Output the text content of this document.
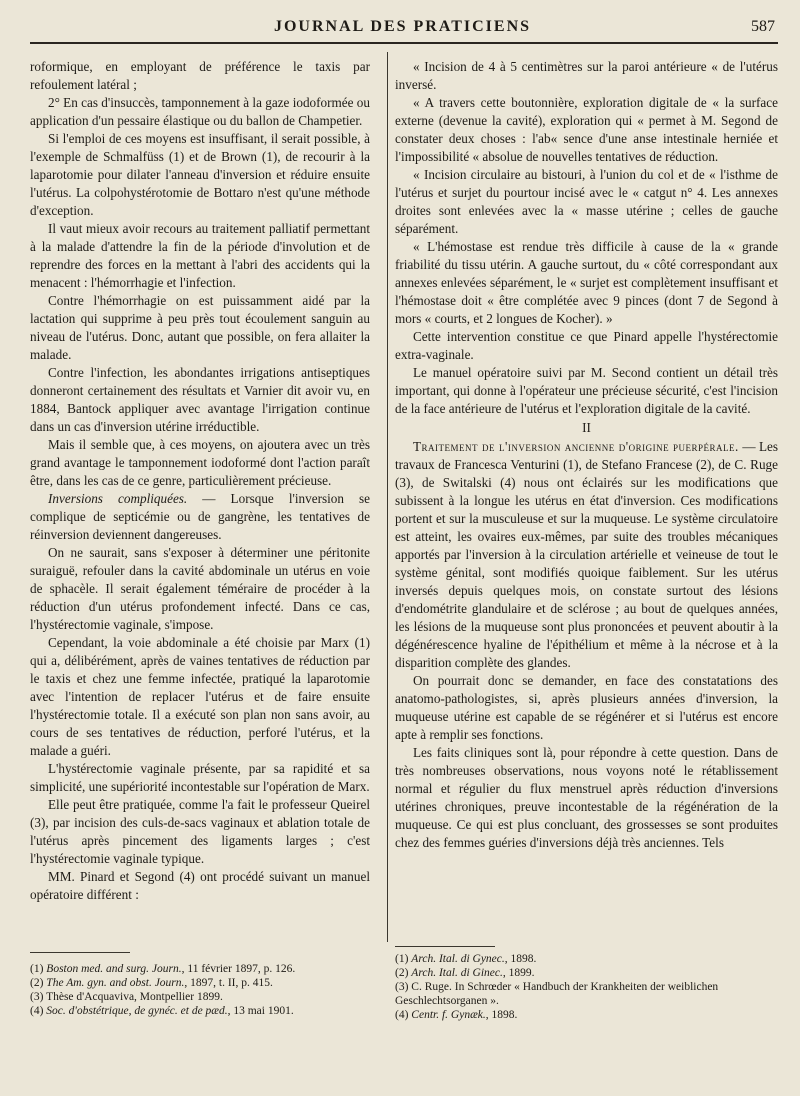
JOURNAL DES PRATICIENS	587

roformique, en employant de préférence le taxis par refoulement latéral ;

2° En cas d'insuccès, tamponnement à la gaze iodoformée ou application d'un pessaire élastique ou du ballon de Champetier.

Si l'emploi de ces moyens est insuffisant, il serait possible, à l'exemple de Schmalfüss (1) et de Brown (1), de recourir à la laparotomie pour dilater l'anneau d'inversion et réduire ensuite l'utérus. La colpohystérotomie de Bottaro n'est qu'une méthode d'exception.

Il vaut mieux avoir recours au traitement palliatif permettant à la malade d'attendre la fin de la période d'involution et de reprendre des forces en la mettant à l'abri des accidents qui la menacent : l'hémorrhagie et l'infection.

Contre l'hémorrhagie on est puissamment aidé par la lactation qui supprime à peu près tout écoulement sanguin au niveau de l'utérus. Donc, autant que possible, on fera allaiter la malade.

Contre l'infection, les abondantes irrigations antiseptiques donneront certainement des résultats et Varnier dit avoir vu, en 1884, Bantock appliquer avec avantage l'irrigation continue dans un cas d'inversion utérine irréductible.

Mais il semble que, à ces moyens, on ajoutera avec un très grand avantage le tamponnement iodoformé dont l'action paraît être, dans les cas de ce genre, particulièrement précieuse.

Inversions compliquées. — Lorsque l'inversion se complique de septicémie ou de gangrène, les tentatives de réinversion deviennent dangereuses.

On ne saurait, sans s'exposer à déterminer une péritonite suraiguë, refouler dans la cavité abdominale un utérus en voie de sphacèle. Il serait également téméraire de procéder à la réduction d'un utérus profondement infecté. Dans ce cas, l'hystérectomie vaginale, s'impose.

Cependant, la voie abdominale a été choisie par Marx (1) qui a, délibérément, après de vaines tentatives de réduction par le taxis et chez une femme infectée, pratiqué la laparotomie avec l'intention de replacer l'utérus et de faire ensuite l'hystérectomie totale. Il a exécuté son plan non sans avoir, au cours de ses tentatives de réduction, perforé l'utérus, et la malade a guéri.

L'hystérectomie vaginale présente, par sa rapidité et sa simplicité, une supériorité incontestable sur l'opération de Marx.

Elle peut être pratiquée, comme l'a fait le professeur Queirel (3), par incision des culs-de-sacs vaginaux et ablation totale de l'utérus après pincement des ligaments larges ; c'est l'hystérectomie vaginale typique.

MM. Pinard et Segond (4) ont procédé suivant un manuel opératoire différent :

« Incision de 4 à 5 centimètres sur la paroi antérieure « de l'utérus inversé.

« A travers cette boutonnière, exploration digitale de « la surface externe (devenue la cavité), exploration qui « permet à M. Segond de constater deux choses : l'ab« sence d'une anse intestinale herniée et l'impossibilité « absolue de nouvelles tentatives de réduction.

« Incision circulaire au bistouri, à l'union du col et de « l'isthme de l'utérus et surjet du pourtour incisé avec le « catgut n° 4. Les annexes droites sont enlevées avec la « masse utérine ; celles de gauche séparément.

« L'hémostase est rendue très difficile à cause de la « grande friabilité du tissu utérin. A gauche surtout, du « côté correspondant aux annexes enlevées séparément, le « surjet est complètement insuffisant et l'hémostase doit « être complétée avec 9 pinces (dont 7 de Segond à mors « courts, et 2 longues de Kocher). »

Cette intervention constitue ce que Pinard appelle l'hystérectomie extra-vaginale.

Le manuel opératoire suivi par M. Second contient un détail très important, qui donne à l'opérateur une précieuse sécurité, c'est l'incision de la face antérieure de l'utérus et l'exploration digitale de la cavité.

II

Traitement de l'inversion ancienne d'origine puerpérale. — Les travaux de Francesca Venturini (1), de Stefano Francese (2), de C. Ruge (3), de Switalski (4) nous ont éclairés sur les modifications que subissent à la longue les utérus en état d'inversion. Ces modifications portent et sur la musculeuse et sur la muqueuse. Le système circulatoire est atteint, les ovaires eux-mêmes, par suite des troubles mécaniques apportés par l'inversion à la circulation artérielle et veineuse de tout le système génital, sont modifiés quoique faiblement. Sur les utérus inversés depuis quelques mois, on constate surtout des lésions d'endométrite glandulaire et de sclérose ; au bout de quelques années, les lésions de la muqueuse sont plus prononcées et peuvent aboutir à la dégénérescence hyaline de l'épithélium et même à la nécrose et à la disparition complète des glandes.

On pourrait donc se demander, en face des constatations des anatomo-pathologistes, si, après plusieurs années d'inversion, la muqueuse utérine est capable de se régénérer et si l'utérus est encore apte à remplir ses fonctions.

Les faits cliniques sont là, pour répondre à cette question. Dans de très nombreuses observations, nous voyons noté le rétablissement normal et régulier du flux menstruel après réduction d'inversions utérines chroniques, preuve incontestable de la régénération de la muqueuse. Ce qui est plus concluant, des grossesses se sont produites chez des femmes guéries d'inversions déjà très anciennes. Tels

(1) Boston med. and surg. Journ., 11 février 1897, p. 126.
(2) The Am. gyn. and obst. Journ., 1897, t. II, p. 415.
(3) Thèse d'Acquaviva, Montpellier 1899.
(4) Soc. d'obstétrique, de gynéc. et de pæd., 13 mai 1901.
(1) Arch. Ital. di Gynec., 1898.
(2) Arch. Ital. di Ginec., 1899.
(3) C. Ruge. In Schrœder « Handbuch der Krankheiten der weiblichen Geschlechtsorganen ».
(4) Centr. f. Gynæk., 1898.
